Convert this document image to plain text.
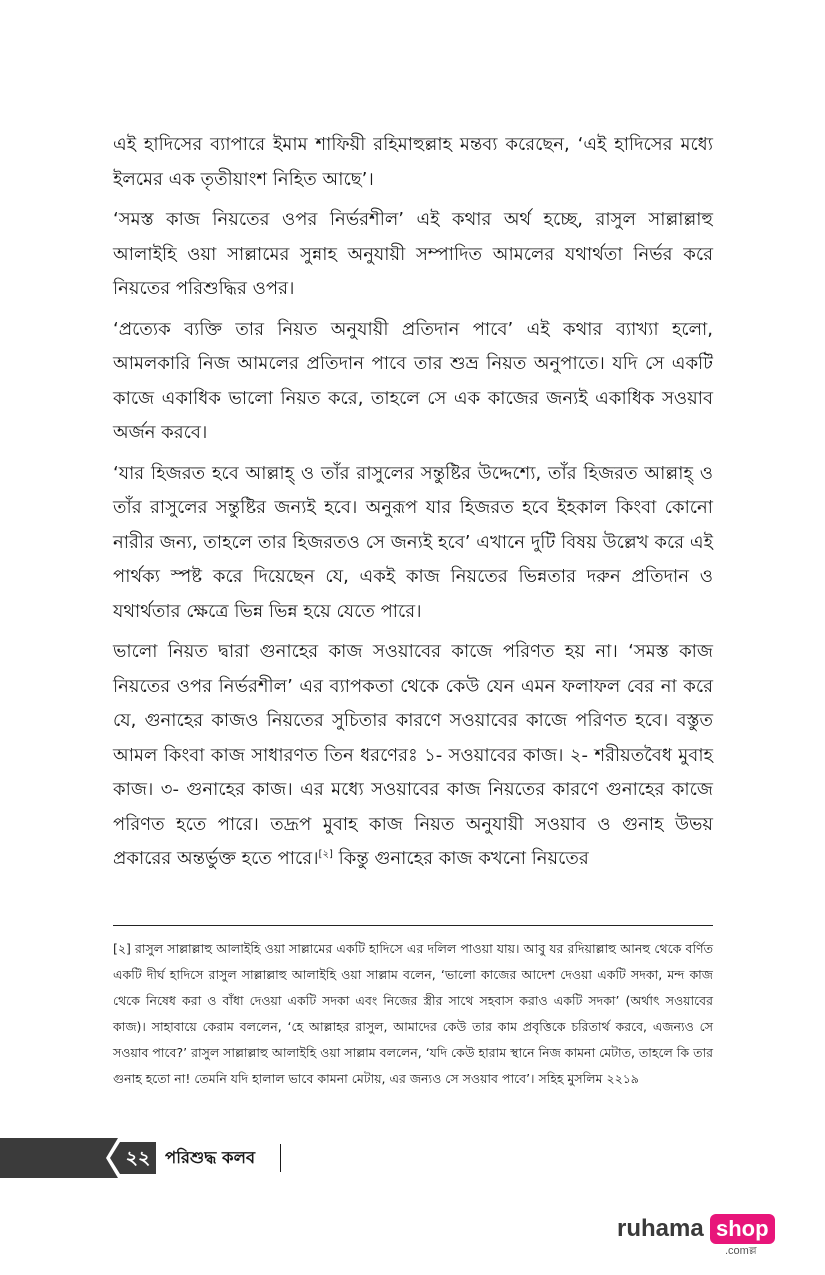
এই হাদিসের ব্যাপারে ইমাম শাফিয়ী রহিমাহুল্লাহ মন্তব্য করেছেন, ‘এই হাদিসের মধ্যে ইলমের এক তৃতীয়াংশ নিহিত আছে’।

‘সমস্ত কাজ নিয়তের ওপর নির্ভরশীল’ এই কথার অর্থ হচ্ছে, রাসুল সাল্লাল্লাহু আলাইহি ওয়া সাল্লামের সুন্নাহ অনুযায়ী সম্পাদিত আমলের যথার্থতা নির্ভর করে নিয়তের পরিশুদ্ধির ওপর।

‘প্রত্যেক ব্যক্তি তার নিয়ত অনুযায়ী প্রতিদান পাবে’ এই কথার ব্যাখ্যা হলো, আমলকারি নিজ আমলের প্রতিদান পাবে তার শুভ্র নিয়ত অনুপাতে। যদি সে একটি কাজে একাধিক ভালো নিয়ত করে, তাহলে সে এক কাজের জন্যই একাধিক সওয়াব অর্জন করবে।

‘যার হিজরত হবে আল্লাহ্‌ ও তাঁর রাসুলের সন্তুষ্টির উদ্দেশ্যে, তাঁর হিজরত আল্লাহ্‌ ও তাঁর রাসুলের সন্তুষ্টির জন্যই হবে। অনুরূপ যার হিজরত হবে ইহকাল কিংবা কোনো নারীর জন্য, তাহলে তার হিজরতও সে জন্যই হবে’ এখানে দুটি বিষয় উল্লেখ করে এই পার্থক্য স্পষ্ট করে দিয়েছেন যে, একই কাজ নিয়তের ভিন্নতার দরুন প্রতিদান ও যথার্থতার ক্ষেত্রে ভিন্ন ভিন্ন হয়ে যেতে পারে।

ভালো নিয়ত দ্বারা গুনাহের কাজ সওয়াবের কাজে পরিণত হয় না। ‘সমস্ত কাজ নিয়তের ওপর নির্ভরশীল’ এর ব্যাপকতা থেকে কেউ যেন এমন ফলাফল বের না করে যে, গুনাহের কাজও নিয়তের সুচিতার কারণে সওয়াবের কাজে পরিণত হবে। বস্তুত আমল কিংবা কাজ সাধারণত তিন ধরণেরঃ ১- সওয়াবের কাজ। ২- শরীয়তবৈধ মুবাহ কাজ। ৩- গুনাহের কাজ। এর মধ্যে সওয়াবের কাজ নিয়তের কারণে গুনাহের কাজে পরিণত হতে পারে। তদ্রূপ মুবাহ কাজ নিয়ত অনুযায়ী সওয়াব ও গুনাহ উভয় প্রকারের অন্তর্ভুক্ত হতে পারে।[২] কিন্তু গুনাহের কাজ কখনো নিয়তের

[২] রাসুল সাল্লাল্লাহু আলাইহি ওয়া সাল্লামের একটি হাদিসে এর দলিল পাওয়া যায়। আবু যর রদিয়াল্লাহু আনহু থেকে বর্ণিত একটি দীর্ঘ হাদিসে রাসুল সাল্লাল্লাহু আলাইহি ওয়া সাল্লাম বলেন, ‘ভালো কাজের আদেশ দেওয়া একটি সদকা, মন্দ কাজ থেকে নিষেধ করা ও বাঁধা দেওয়া একটি সদকা এবং নিজের স্ত্রীর সাথে সহবাস করাও একটি সদকা’ (অর্থাৎ সওয়াবের কাজ)। সাহাবায়ে কেরাম বললেন, ‘হে আল্লাহর রাসুল, আমাদের কেউ তার কাম প্রবৃত্তিকে চরিতার্থ করবে, এজন্যও সে সওয়াব পাবে?’ রাসুল সাল্লাল্লাহু আলাইহি ওয়া সাল্লাম বললেন, ‘যদি কেউ হারাম স্থানে নিজ কামনা মেটাত, তাহলে কি তার গুনাহ হতো না! তেমনি যদি হালাল ভাবে কামনা মেটায়, এর জন্যও সে সওয়াব পাবে’। সহিহ মুসলিম ২২১৯
২২ পরিশুদ্ধ কলব
ruhama shop
.comল্ল
